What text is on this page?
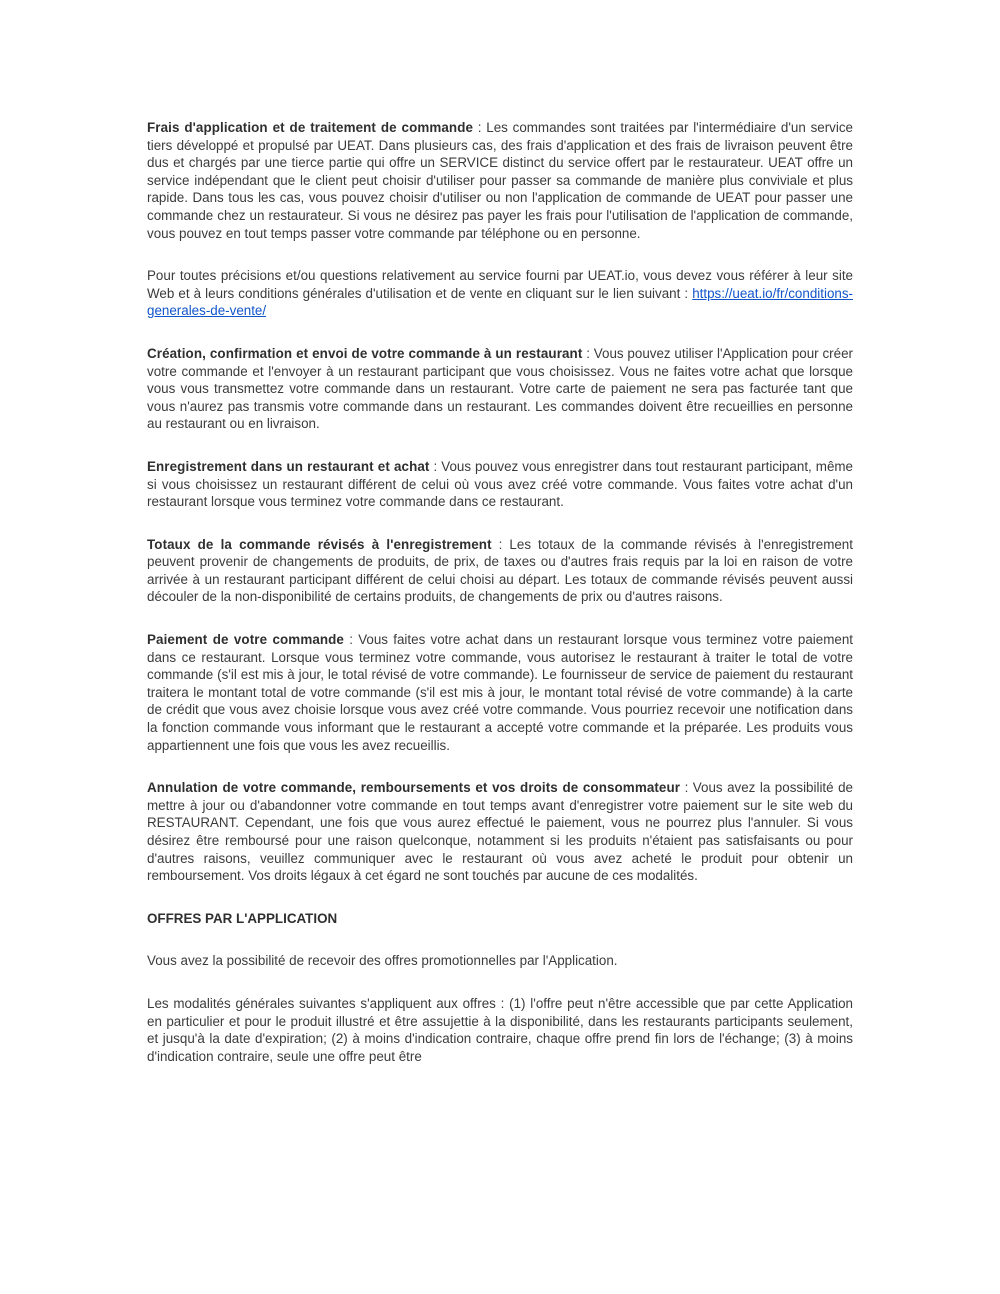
Frais d'application et de traitement de commande : Les commandes sont traitées par l'intermédiaire d'un service tiers développé et propulsé par UEAT. Dans plusieurs cas, des frais d'application et des frais de livraison peuvent être dus et chargés par une tierce partie qui offre un SERVICE distinct du service offert par le restaurateur. UEAT offre un service indépendant que le client peut choisir d'utiliser pour passer sa commande de manière plus conviviale et plus rapide. Dans tous les cas, vous pouvez choisir d'utiliser ou non l'application de commande de UEAT pour passer une commande chez un restaurateur. Si vous ne désirez pas payer les frais pour l'utilisation de l'application de commande, vous pouvez en tout temps passer votre commande par téléphone ou en personne.

Pour toutes précisions et/ou questions relativement au service fourni par UEAT.io, vous devez vous référer à leur site Web et à leurs conditions générales d'utilisation et de vente en cliquant sur le lien suivant : https://ueat.io/fr/conditions-generales-de-vente/

Création, confirmation et envoi de votre commande à un restaurant : Vous pouvez utiliser l'Application pour créer votre commande et l'envoyer à un restaurant participant que vous choisissez. Vous ne faites votre achat que lorsque vous vous transmettez votre commande dans un restaurant. Votre carte de paiement ne sera pas facturée tant que vous n'aurez pas transmis votre commande dans un restaurant. Les commandes doivent être recueillies en personne au restaurant ou en livraison.

Enregistrement dans un restaurant et achat : Vous pouvez vous enregistrer dans tout restaurant participant, même si vous choisissez un restaurant différent de celui où vous avez créé votre commande. Vous faites votre achat d'un restaurant lorsque vous terminez votre commande dans ce restaurant.

Totaux de la commande révisés à l'enregistrement : Les totaux de la commande révisés à l'enregistrement peuvent provenir de changements de produits, de prix, de taxes ou d'autres frais requis par la loi en raison de votre arrivée à un restaurant participant différent de celui choisi au départ. Les totaux de commande révisés peuvent aussi découler de la non-disponibilité de certains produits, de changements de prix ou d'autres raisons.

Paiement de votre commande : Vous faites votre achat dans un restaurant lorsque vous terminez votre paiement dans ce restaurant. Lorsque vous terminez votre commande, vous autorisez le restaurant à traiter le total de votre commande (s'il est mis à jour, le total révisé de votre commande). Le fournisseur de service de paiement du restaurant traitera le montant total de votre commande (s'il est mis à jour, le montant total révisé de votre commande) à la carte de crédit que vous avez choisie lorsque vous avez créé votre commande. Vous pourriez recevoir une notification dans la fonction commande vous informant que le restaurant a accepté votre commande et la préparée. Les produits vous appartiennent une fois que vous les avez recueillis.

Annulation de votre commande, remboursements et vos droits de consommateur : Vous avez la possibilité de mettre à jour ou d'abandonner votre commande en tout temps avant d'enregistrer votre paiement sur le site web du RESTAURANT. Cependant, une fois que vous aurez effectué le paiement, vous ne pourrez plus l'annuler. Si vous désirez être remboursé pour une raison quelconque, notamment si les produits n'étaient pas satisfaisants ou pour d'autres raisons, veuillez communiquer avec le restaurant où vous avez acheté le produit pour obtenir un remboursement. Vos droits légaux à cet égard ne sont touchés par aucune de ces modalités.

OFFRES PAR L'APPLICATION

Vous avez la possibilité de recevoir des offres promotionnelles par l'Application.

Les modalités générales suivantes s'appliquent aux offres : (1) l'offre peut n'être accessible que par cette Application en particulier et pour le produit illustré et être assujettie à la disponibilité, dans les restaurants participants seulement, et jusqu'à la date d'expiration; (2) à moins d'indication contraire, chaque offre prend fin lors de l'échange; (3) à moins d'indication contraire, seule une offre peut être
